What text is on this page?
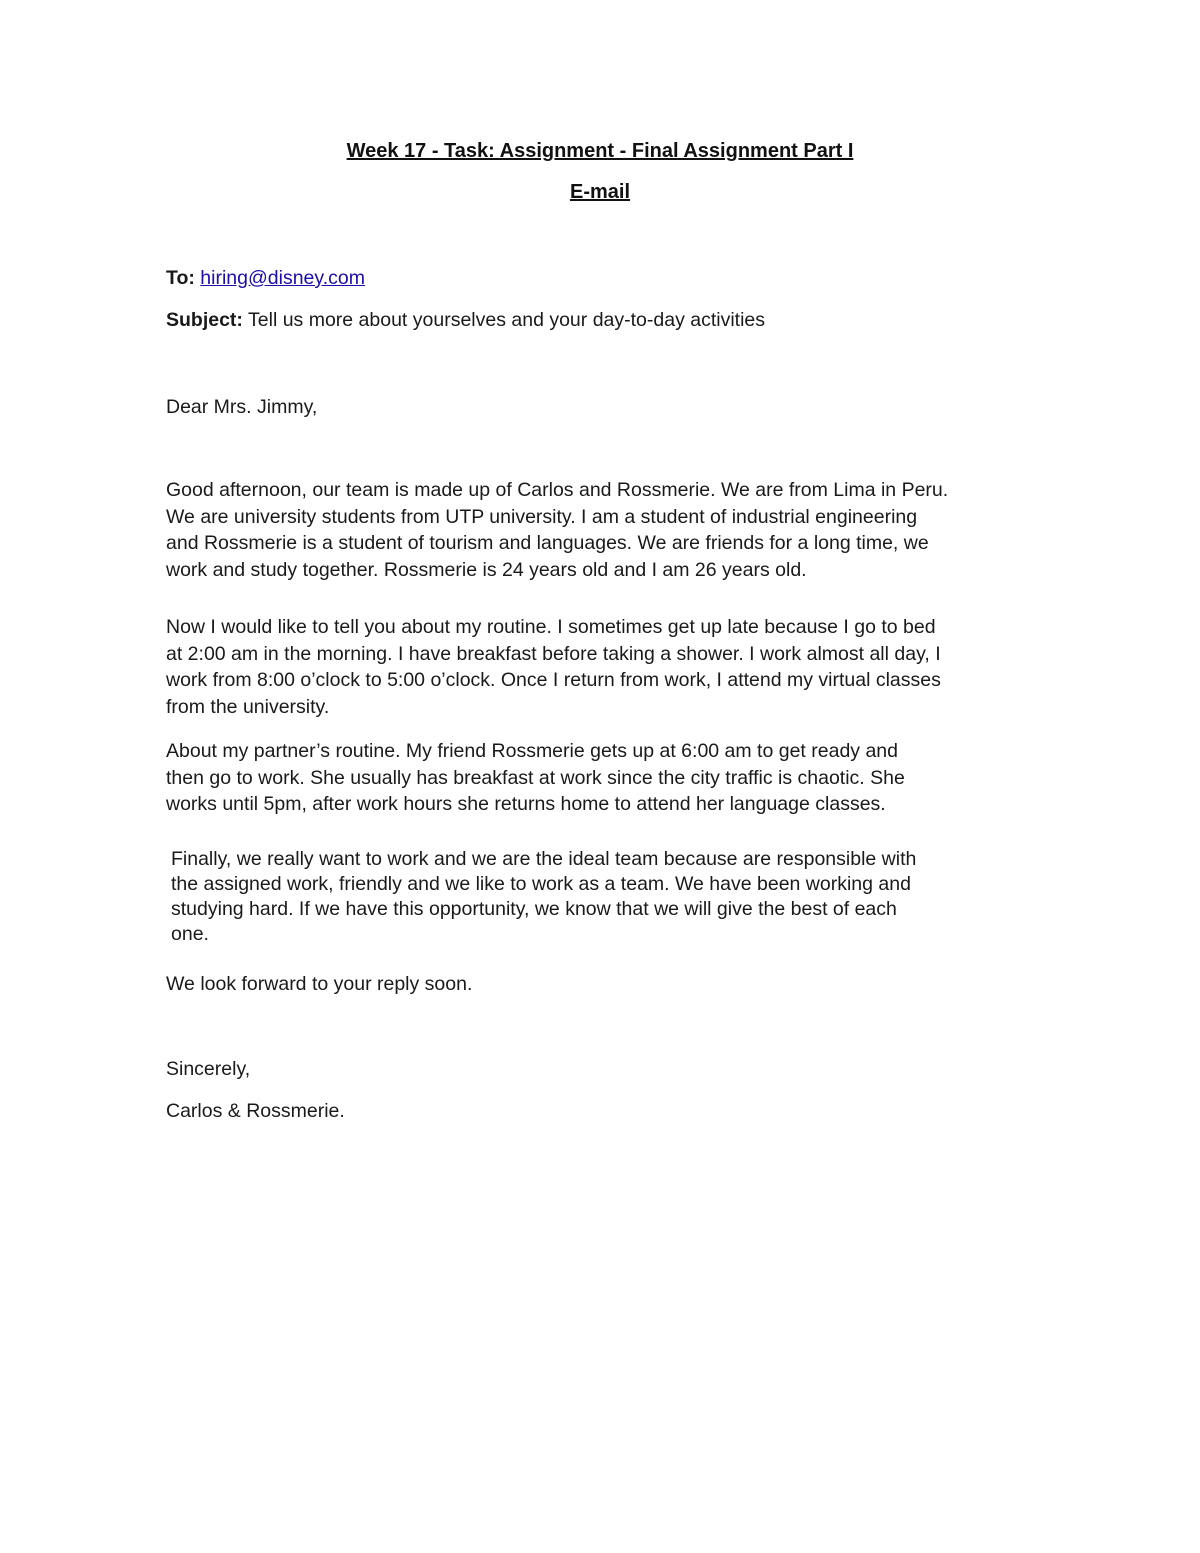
Week 17 - Task: Assignment - Final Assignment Part I
E-mail
To: hiring@disney.com
Subject: Tell us more about yourselves and your day-to-day activities
Dear Mrs. Jimmy,

Good afternoon, our team is made up of Carlos and Rossmerie. We are from Lima in Peru.

We are university students from UTP university. I am a student of industrial engineering

and Rossmerie is a student of tourism and languages. We are friends for a long time, we

work and study together. Rossmerie is 24 years old and I am 26 years old.

Now I would like to tell you about my routine. I sometimes get up late because I go to bed

at 2:00 am in the morning. I have breakfast before taking a shower. I work almost all day, I

work from 8:00 o’clock to 5:00 o’clock. Once I return from work, I attend my virtual classes

from the university.

About my partner’s routine. My friend Rossmerie gets up at 6:00 am to get ready and

then go to work. She usually has breakfast at work since the city traffic is chaotic. She

works until 5pm, after work hours she returns home to attend her language classes.

Finally, we really want to work and we are the ideal team because are responsible with

the assigned work, friendly and we like to work as a team. We have been working and

studying hard. If we have this opportunity, we know that we will give the best of each

one.

We look forward to your reply soon.
Sincerely,
Carlos & Rossmerie.
